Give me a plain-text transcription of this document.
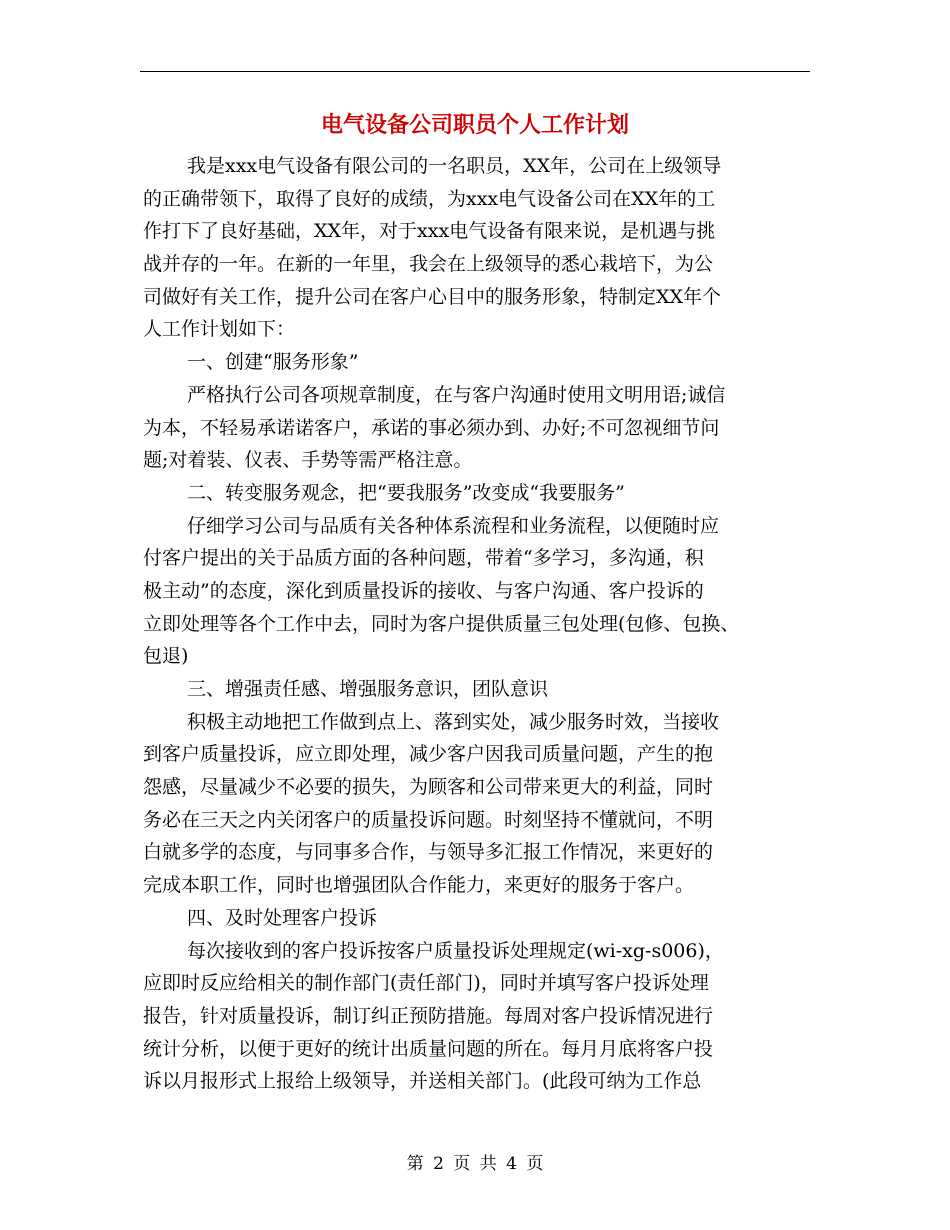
电气设备公司职员个人工作计划
我是xxx电气设备有限公司的一名职员，XX年，公司在上级领导
的正确带领下，取得了良好的成绩，为xxx电气设备公司在XX年的工
作打下了良好基础，XX年，对于xxx电气设备有限来说，是机遇与挑
战并存的一年。在新的一年里，我会在上级领导的悉心栽培下，为公
司做好有关工作，提升公司在客户心目中的服务形象，特制定XX年个
人工作计划如下：
一、创建“服务形象”
严格执行公司各项规章制度，在与客户沟通时使用文明用语;诚信
为本，不轻易承诺诺客户，承诺的事必须办到、办好;不可忽视细节问
题;对着装、仪表、手势等需严格注意。
二、转变服务观念，把“要我服务”改变成“我要服务”
仔细学习公司与品质有关各种体系流程和业务流程，以便随时应
付客户提出的关于品质方面的各种问题，带着“多学习，多沟通，积
极主动”的态度，深化到质量投诉的接收、与客户沟通、客户投诉的
立即处理等各个工作中去，同时为客户提供质量三包处理(包修、包换、
包退)
三、增强责任感、增强服务意识，团队意识
积极主动地把工作做到点上、落到实处，减少服务时效，当接收
到客户质量投诉，应立即处理，减少客户因我司质量问题，产生的抱
怨感，尽量减少不必要的损失，为顾客和公司带来更大的利益，同时
务必在三天之内关闭客户的质量投诉问题。时刻坚持不懂就问，不明
白就多学的态度，与同事多合作，与领导多汇报工作情况，来更好的
完成本职工作，同时也增强团队合作能力，来更好的服务于客户。
四、及时处理客户投诉
每次接收到的客户投诉按客户质量投诉处理规定(wi-xg-s006)，
应即时反应给相关的制作部门(责任部门)，同时并填写客户投诉处理
报告，针对质量投诉，制订纠正预防措施。每周对客户投诉情况进行
统计分析，以便于更好的统计出质量问题的所在。每月月底将客户投
诉以月报形式上报给上级领导，并送相关部门。(此段可纳为工作总
第 2 页 共 4 页
